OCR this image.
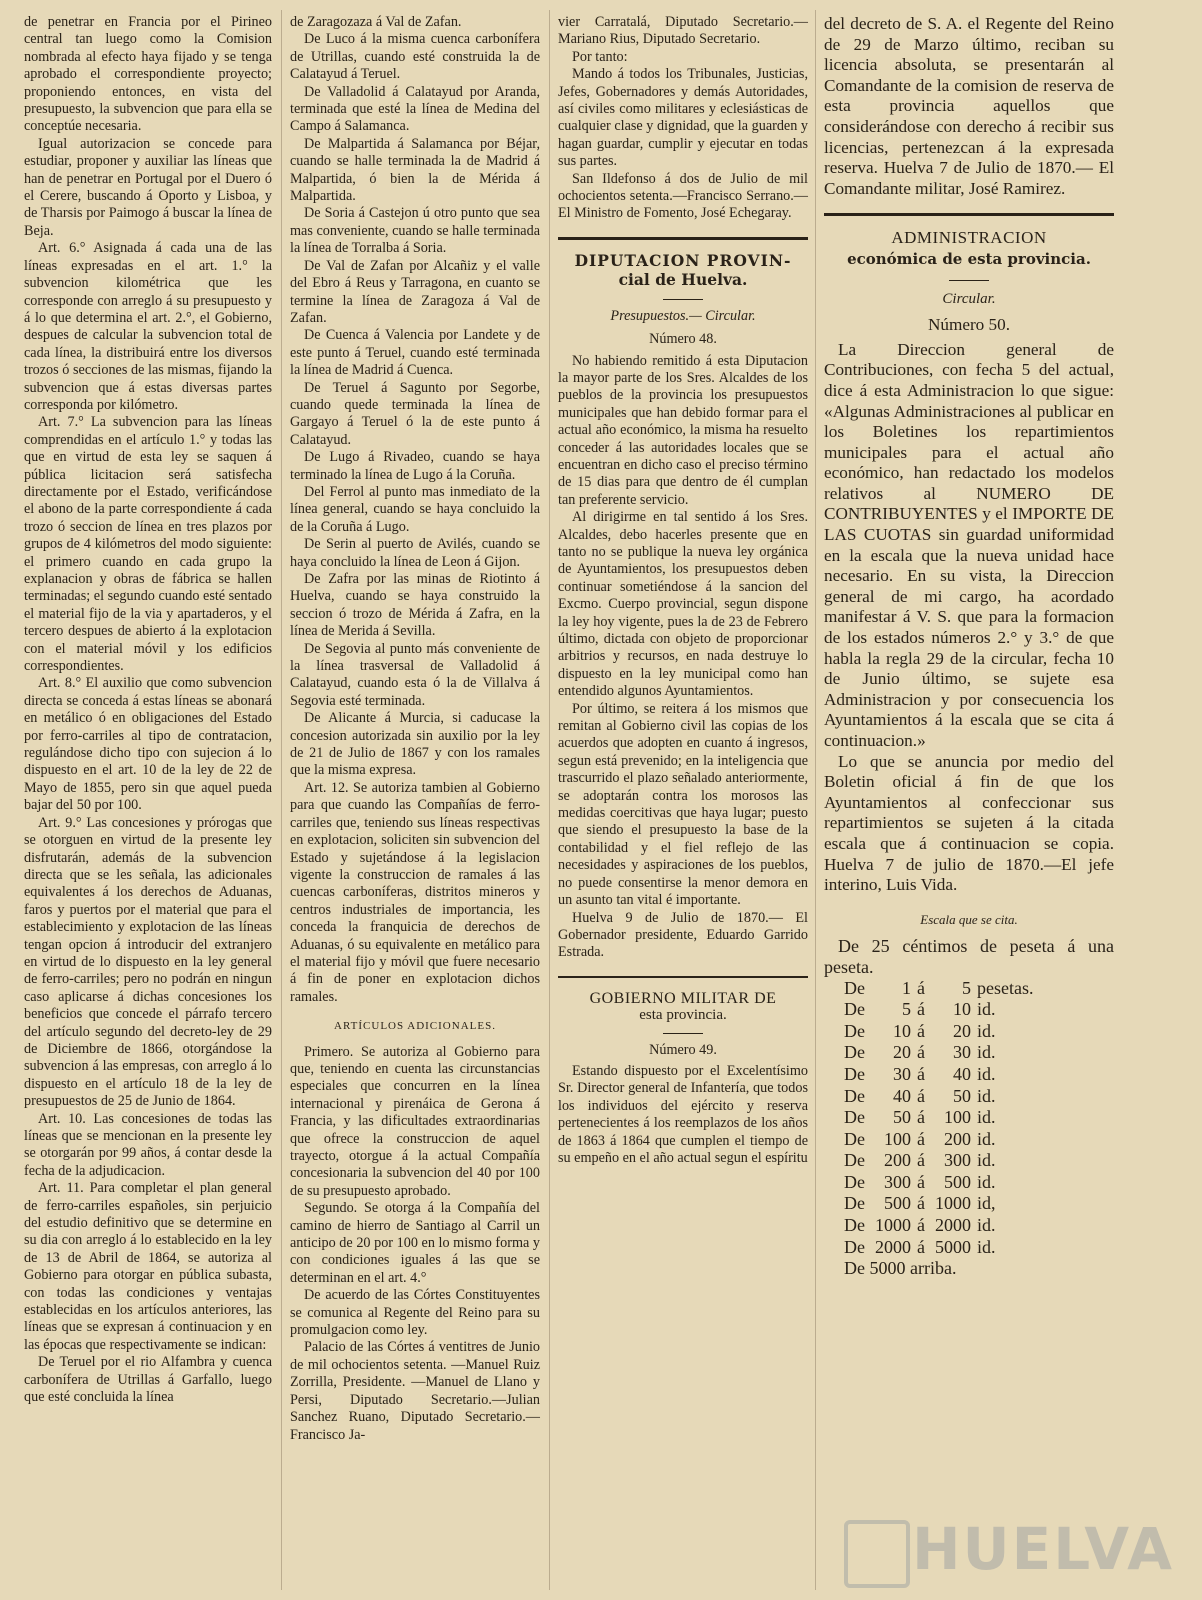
de penetrar en Francia por el Pirineo central tan luego como la Comision nombrada al efecto haya fijado y se tenga aprobado el correspondiente proyecto; proponiendo entonces, en vista del presupuesto, la subvencion que para ella se conceptúe necesaria.

Igual autorizacion se concede para estudiar, proponer y auxiliar las líneas que han de penetrar en Portugal por el Duero ó el Cerere, buscando á Oporto y Lisboa, y de Tharsis por Paimogo á buscar la línea de Beja.

Art. 6.° Asignada á cada una de las líneas expresadas en el art. 1.° la subvencion kilométrica que les corresponde con arreglo á su presupuesto y á lo que determina el art. 2.°, el Gobierno, despues de calcular la subvencion total de cada línea, la distribuirá entre los diversos trozos ó secciones de las mismas, fijando la subvencion que á estas diversas partes corresponda por kilómetro.

Art. 7.° La subvencion para las líneas comprendidas en el artículo 1.° y todas las que en virtud de esta ley se saquen á pública licitacion será satisfecha directamente por el Estado, verificándose el abono de la parte correspondiente á cada trozo ó seccion de línea en tres plazos por grupos de 4 kilómetros del modo siguiente: el primero cuando en cada grupo la explanacion y obras de fábrica se hallen terminadas; el segundo cuando esté sentado el material fijo de la via y apartaderos, y el tercero despues de abierto á la explotacion con el material móvil y los edificios correspondientes.

Art. 8.° El auxilio que como subvencion directa se conceda á estas líneas se abonará en metálico ó en obligaciones del Estado por ferro-carriles al tipo de contratacion, regulándose dicho tipo con sujecion á lo dispuesto en el art. 10 de la ley de 22 de Mayo de 1855, pero sin que aquel pueda bajar del 50 por 100.

Art. 9.° Las concesiones y prórogas que se otorguen en virtud de la presente ley disfrutarán, además de la subvencion directa que se les señala, las adicionales equivalentes á los derechos de Aduanas, faros y puertos por el material que para el establecimiento y explotacion de las líneas tengan opcion á introducir del extranjero en virtud de lo dispuesto en la ley general de ferro-carriles; pero no podrán en ningun caso aplicarse á dichas concesiones los beneficios que concede el párrafo tercero del artículo segundo del decreto-ley de 29 de Diciembre de 1866, otorgándose la subvencion á las empresas, con arreglo á lo dispuesto en el artículo 18 de la ley de presupuestos de 25 de Junio de 1864.

Art. 10. Las concesiones de todas las líneas que se mencionan en la presente ley se otorgarán por 99 años, á contar desde la fecha de la adjudicacion.

Art. 11. Para completar el plan general de ferro-carriles españoles, sin perjuicio del estudio definitivo que se determine en su dia con arreglo á lo establecido en la ley de 13 de Abril de 1864, se autoriza al Gobierno para otorgar en pública subasta, con todas las condiciones y ventajas establecidas en los artículos anteriores, las líneas que se expresan á continuacion y en las épocas que respectivamente se indican:

De Teruel por el rio Alfambra y cuenca carbonífera de Utrillas á Garfallo, luego que esté concluida la línea

de Zaragozaza á Val de Zafan.

De Luco á la misma cuenca carbonífera de Utrillas, cuando esté construida la de Calatayud á Teruel.

De Valladolid á Calatayud por Aranda, terminada que esté la línea de Medina del Campo á Salamanca.

De Malpartida á Salamanca por Béjar, cuando se halle terminada la de Madrid á Malpartida, ó bien la de Mérida á Malpartida.

De Soria á Castejon ú otro punto que sea mas conveniente, cuando se halle terminada la línea de Torralba á Soria.

De Val de Zafan por Alcañiz y el valle del Ebro á Reus y Tarragona, en cuanto se termine la línea de Zaragoza á Val de Zafan.

De Cuenca á Valencia por Landete y de este punto á Teruel, cuando esté terminada la línea de Madrid á Cuenca.

De Teruel á Sagunto por Segorbe, cuando quede terminada la línea de Gargayo á Teruel ó la de este punto á Calatayud.

De Lugo á Rivadeo, cuando se haya terminado la línea de Lugo á la Coruña.

Del Ferrol al punto mas inmediato de la línea general, cuando se haya concluido la de la Coruña á Lugo.

De Serin al puerto de Avilés, cuando se haya concluido la línea de Leon á Gijon.

De Zafra por las minas de Riotinto á Huelva, cuando se haya construido la seccion ó trozo de Mérida á Zafra, en la línea de Merida á Sevilla.

De Segovia al punto más conveniente de la línea trasversal de Valladolid á Calatayud, cuando esta ó la de Villalva á Segovia esté terminada.

De Alicante á Murcia, si caducase la concesion autorizada sin auxilio por la ley de 21 de Julio de 1867 y con los ramales que la misma expresa.

Art. 12. Se autoriza tambien al Gobierno para que cuando las Compañías de ferro-carriles que, teniendo sus líneas respectivas en explotacion, soliciten sin subvencion del Estado y sujetándose á la legislacion vigente la construccion de ramales á las cuencas carboníferas, distritos mineros y centros industriales de importancia, les conceda la franquicia de derechos de Aduanas, ó su equivalente en metálico para el material fijo y móvil que fuere necesario á fin de poner en explotacion dichos ramales.

ARTÍCULOS ADICIONALES.

Primero. Se autoriza al Gobierno para que, teniendo en cuenta las circunstancias especiales que concurren en la línea internacional y pirenáica de Gerona á Francia, y las dificultades extraordinarias que ofrece la construccion de aquel trayecto, otorgue á la actual Compañía concesionaria la subvencion del 40 por 100 de su presupuesto aprobado.

Segundo. Se otorga á la Compañía del camino de hierro de Santiago al Carril un anticipo de 20 por 100 en lo mismo forma y con condiciones iguales á las que se determinan en el art. 4.°

De acuerdo de las Córtes Constituyentes se comunica al Regente del Reino para su promulgacion como ley.

Palacio de las Córtes á ventitres de Junio de mil ochocientos setenta. —Manuel Ruiz Zorrilla, Presidente. —Manuel de Llano y Persi, Diputado Secretario.—Julian Sanchez Ruano, Diputado Secretario.—Francisco Ja-

vier Carratalá, Diputado Secretario.— Mariano Rius, Diputado Secretario.

Por tanto:

Mando á todos los Tribunales, Justicias, Jefes, Gobernadores y demás Autoridades, así civiles como militares y eclesiásticas de cualquier clase y dignidad, que la guarden y hagan guardar, cumplir y ejecutar en todas sus partes.

San Ildefonso á dos de Julio de mil ochocientos setenta.—Francisco Serrano.—El Ministro de Fomento, José Echegaray.

DIPUTACION PROVIN-
cial de Huelva.
Presupuestos.— Circular.
Número 48.

No habiendo remitido á esta Diputacion la mayor parte de los Sres. Alcaldes de los pueblos de la provincia los presupuestos municipales que han debido formar para el actual año económico, la misma ha resuelto conceder á las autoridades locales que se encuentran en dicho caso el preciso término de 15 dias para que dentro de él cumplan tan preferente servicio.

Al dirigirme en tal sentido á los Sres. Alcaldes, debo hacerles presente que en tanto no se publique la nueva ley orgánica de Ayuntamientos, los presupuestos deben continuar sometiéndose á la sancion del Excmo. Cuerpo provincial, segun dispone la ley hoy vigente, pues la de 23 de Febrero último, dictada con objeto de proporcionar arbitrios y recursos, en nada destruye lo dispuesto en la ley municipal como han entendido algunos Ayuntamientos.

Por último, se reitera á los mismos que remitan al Gobierno civil las copias de los acuerdos que adopten en cuanto á ingresos, segun está prevenido; en la inteligencia que trascurrido el plazo señalado anteriormente, se adoptarán contra los morosos las medidas coercitivas que haya lugar; puesto que siendo el presupuesto la base de la contabilidad y el fiel reflejo de las necesidades y aspiraciones de los pueblos, no puede consentirse la menor demora en un asunto tan vital é importante.

Huelva 9 de Julio de 1870.— El Gobernador presidente, Eduardo Garrido Estrada.

GOBIERNO MILITAR DE
esta provincia.
Número 49.

Estando dispuesto por el Excelentísimo Sr. Director general de Infantería, que todos los individuos del ejército y reserva pertenecientes á los reemplazos de los años de 1863 á 1864 que cumplen el tiempo de su empeño en el año actual segun el espíritu

del decreto de S. A. el Regente del Reino de 29 de Marzo último, reciban su licencia absoluta, se presentarán al Comandante de la comision de reserva de esta provincia aquellos que considerándose con derecho á recibir sus licencias, pertenezcan á la expresada reserva. Huelva 7 de Julio de 1870.— El Comandante militar, José Ramirez.

ADMINISTRACION
económica de esta provincia.
Circular.
Número 50.

La Direccion general de Contribuciones, con fecha 5 del actual, dice á esta Administracion lo que sigue: «Algunas Administraciones al publicar en los Boletines los repartimientos municipales para el actual año económico, han redactado los modelos relativos al NUMERO DE CONTRIBUYENTES y el IMPORTE DE LAS CUOTAS sin guardad uniformidad en la escala que la nueva unidad hace necesario. En su vista, la Direccion general de mi cargo, ha acordado manifestar á V. S. que para la formacion de los estados números 2.° y 3.° de que habla la regla 29 de la circular, fecha 10 de Junio último, se sujete esa Administracion y por consecuencia los Ayuntamientos á la escala que se cita á continuacion.»

Lo que se anuncia por medio del Boletin oficial á fin de que los Ayuntamientos al confeccionar sus repartimientos se sujeten á la citada escala que á continuacion se copia. Huelva 7 de julio de 1870.—El jefe interino, Luis Vida.

Escala que se cita.

De 25 céntimos de peseta á una peseta.

De	1	á	5	pesetas.
De	5	á	10	id.
De	10	á	20	id.
De	20	á	30	id.
De	30	á	40	id.
De	40	á	50	id.
De	50	á	100	id.
De	100	á	200	id.
De	200	á	300	id.
De	300	á	500	id.
De	500	á	1000	id,
De	1000	á	2000	id.
De	2000	á	5000	id.

De 5000 arriba.

HUELVA
